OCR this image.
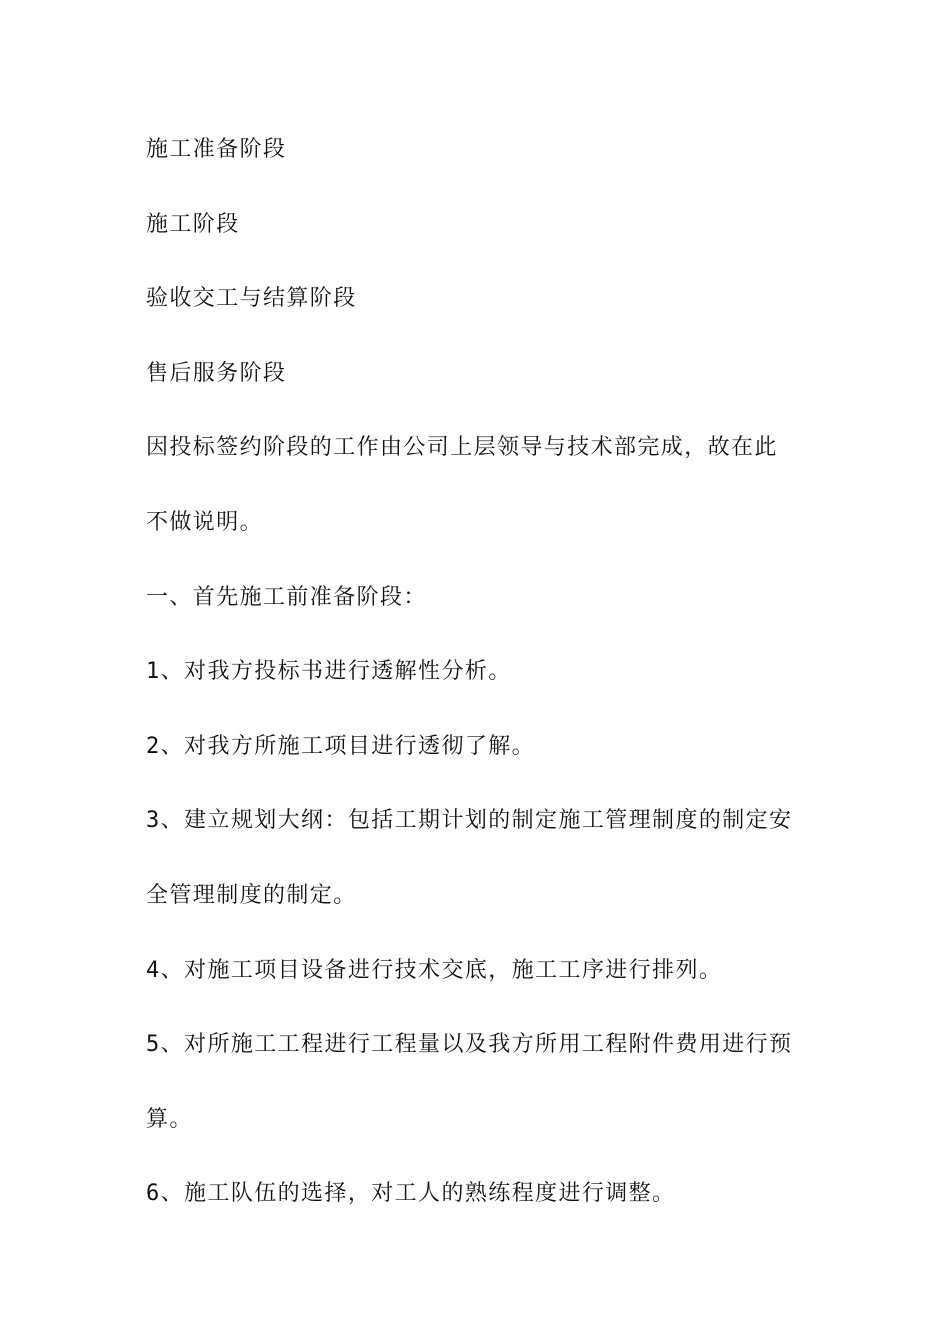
施工准备阶段
施工阶段
验收交工与结算阶段
售后服务阶段
因投标签约阶段的工作由公司上层领导与技术部完成，故在此
不做说明。
一、首先施工前准备阶段：
1、对我方投标书进行透解性分析。
2、对我方所施工项目进行透彻了解。
3、建立规划大纲：包括工期计划的制定施工管理制度的制定安
全管理制度的制定。
4、对施工项目设备进行技术交底，施工工序进行排列。
5、对所施工工程进行工程量以及我方所用工程附件费用进行预
算。
6、施工队伍的选择，对工人的熟练程度进行调整。
